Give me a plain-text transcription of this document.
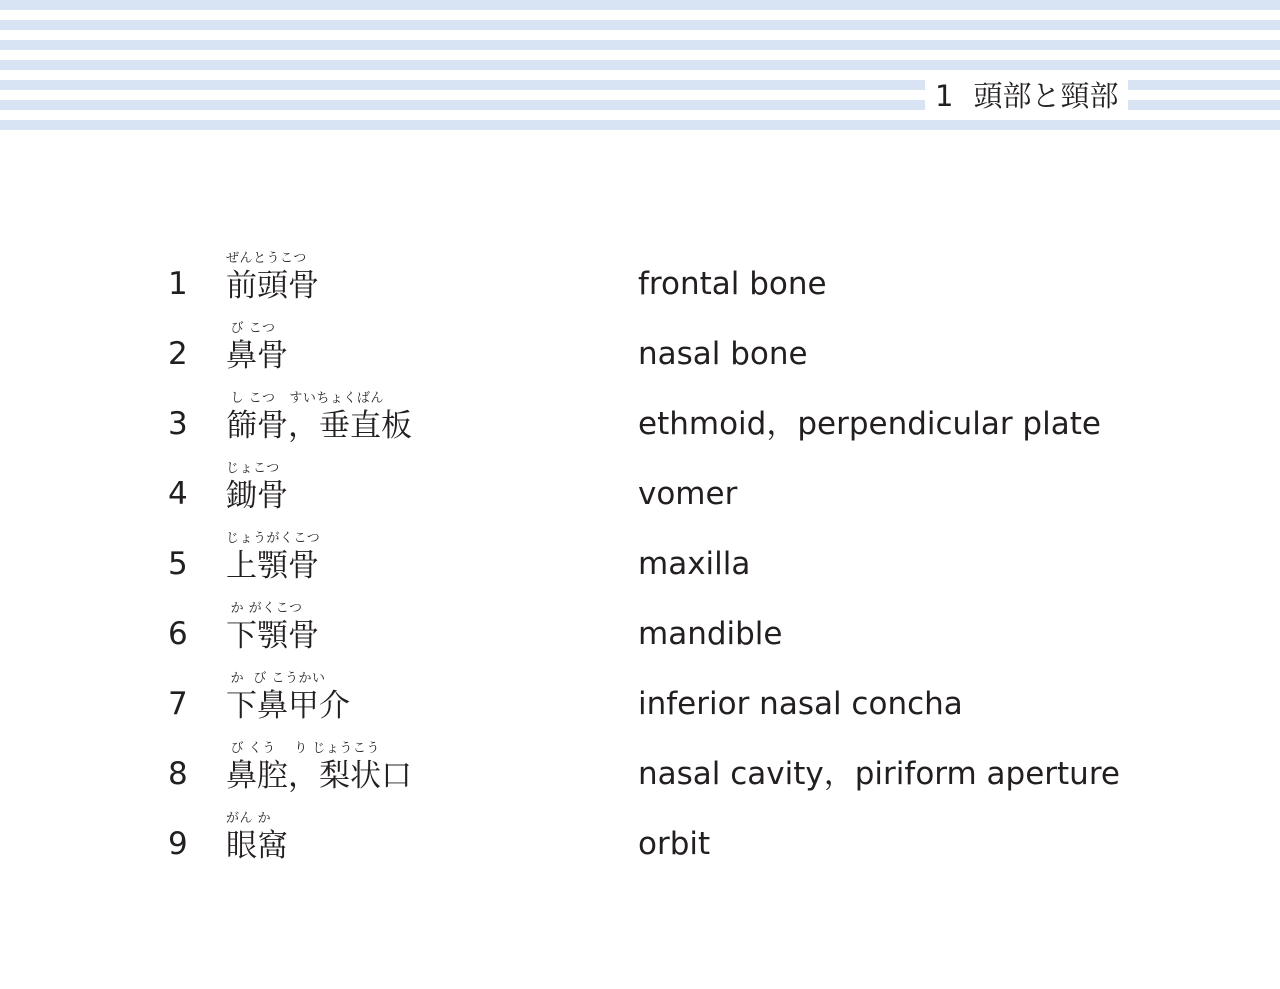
1 頭部と頸部
1
ぜんとうこつ
前頭骨	frontal bone
2
び こつ
鼻骨	nasal bone
3
し こつ   すいちょくばん
篩骨，垂直板	ethmoid，perpendicular plate
4
じょこつ
鋤骨	vomer
5
じょうがくこつ
上顎骨	maxilla
6
か がくこつ
下顎骨	mandible
7
か  び こうかい
下鼻甲介	inferior nasal concha
8
び くう    り じょうこう
鼻腔，梨状口	nasal cavity，piriform aperture
9
がん か
眼窩	orbit
